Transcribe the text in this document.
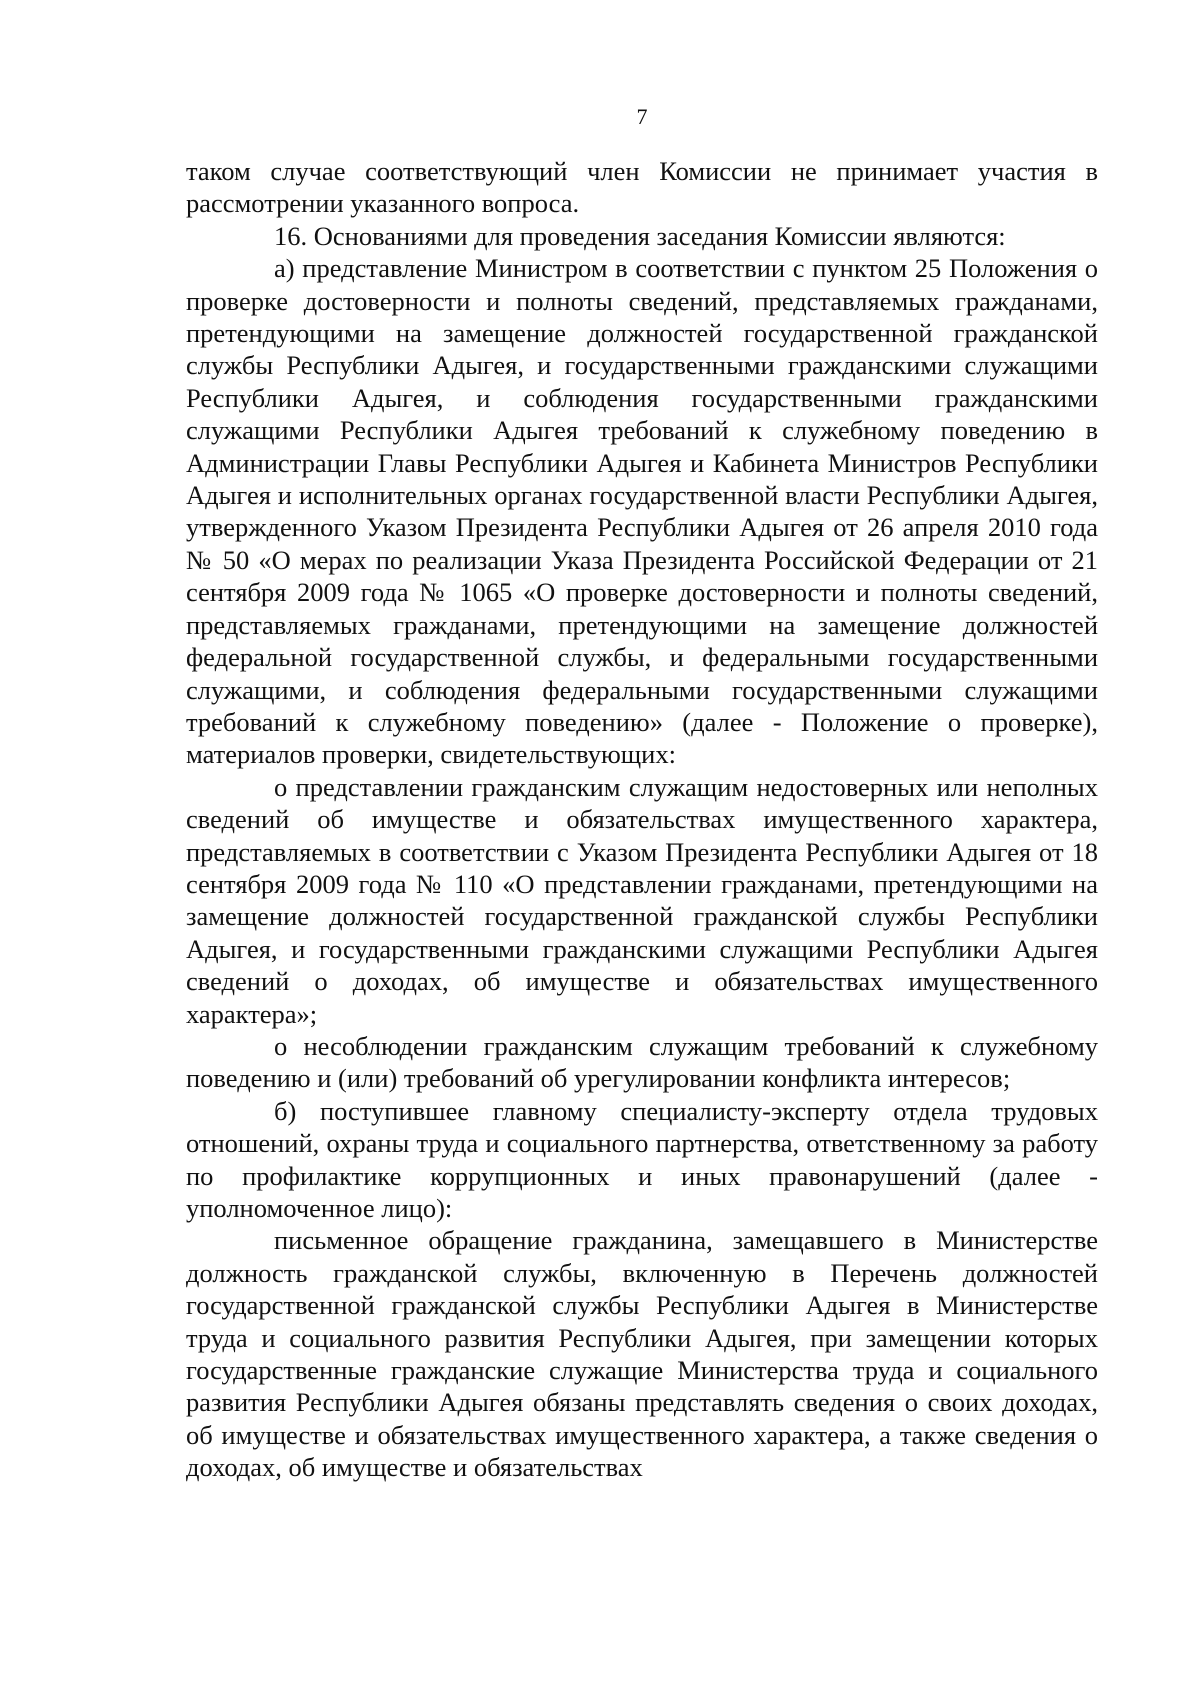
7

таком случае соответствующий член Комиссии не принимает участия в рассмотрении указанного вопроса.

16. Основаниями для проведения заседания Комиссии являются:

а) представление Министром в соответствии с пунктом 25 Положения о проверке достоверности и полноты сведений, представляемых гражданами, претендующими на замещение должностей государственной гражданской службы Республики Адыгея, и государственными гражданскими служащими Республики Адыгея, и соблюдения государственными гражданскими служащими Республики Адыгея требований к служебному поведению в Администрации Главы Республики Адыгея и Кабинета Министров Республики Адыгея и исполнительных органах государственной власти Республики Адыгея, утвержденного Указом Президента Республики Адыгея от 26 апреля 2010 года № 50 «О мерах по реализации Указа Президента Российской Федерации от 21 сентября 2009 года № 1065 «О проверке достоверности и полноты сведений, представляемых гражданами, претендующими на замещение должностей федеральной государственной службы, и федеральными государственными служащими, и соблюдения федеральными государственными служащими требований к служебному поведению» (далее - Положение о проверке), материалов проверки, свидетельствующих:

о представлении гражданским служащим недостоверных или неполных сведений об имуществе и обязательствах имущественного характера, представляемых в соответствии с Указом Президента Республики Адыгея от 18 сентября 2009 года № 110 «О представлении гражданами, претендующими на замещение должностей государственной гражданской службы Республики Адыгея, и государственными гражданскими служащими Республики Адыгея сведений о доходах, об имуществе и обязательствах имущественного характера»;

о несоблюдении гражданским служащим требований к служебному поведению и (или) требований об урегулировании конфликта интересов;

б) поступившее главному специалисту-эксперту отдела трудовых отношений, охраны труда и социального партнерства, ответственному за работу по профилактике коррупционных и иных правонарушений (далее - уполномоченное лицо):

письменное обращение гражданина, замещавшего в Министерстве должность гражданской службы, включенную в Перечень должностей государственной гражданской службы Республики Адыгея в Министерстве труда и социального развития Республики Адыгея, при замещении которых государственные гражданские служащие Министерства труда и социального развития Республики Адыгея обязаны представлять сведения о своих доходах, об имуществе и обязательствах имущественного характера, а также сведения о доходах, об имуществе и обязательствах
